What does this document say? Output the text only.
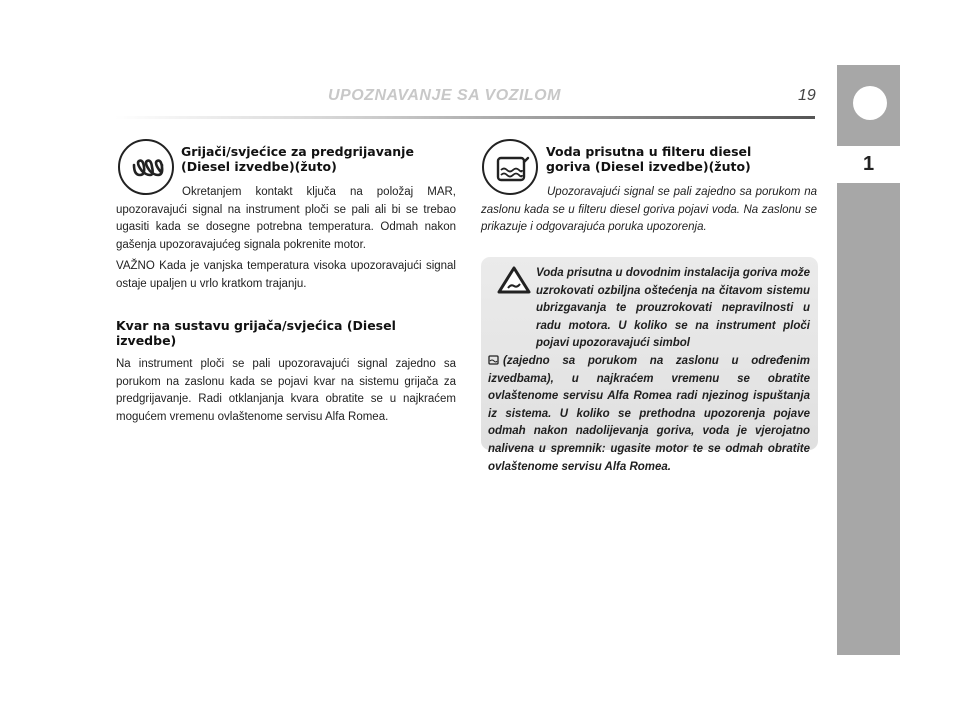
UPOZNAVANJE SA VOZILOM	19
1
Grijači/svjećice za predgrijavanje
(Diesel izvedbe)(žuto)

Okretanjem kontakt ključa na položaj MAR, upozoravajući signal na instrument ploči se pali ali bi se trebao ugasiti kada se dosegne potrebna temperatura. Odmah nakon gašenja upozoravajućeg signala pokrenite motor.

VAŽNO Kada je vanjska temperatura visoka upozoravajući signal ostaje upaljen u vrlo kratkom trajanju.

Kvar na sustavu grijača/svjećica (Diesel
izvedbe)

Na instrument ploči se pali upozoravajući signal zajedno sa porukom na zaslonu kada se pojavi kvar na sistemu grijača za predgrijavanje. Radi otklanjanja kvara obratite se u najkraćem mogućem vremenu ovlaštenome servisu Alfa Romea.

Voda prisutna u filteru diesel
goriva (Diesel izvedbe)(žuto)

Upozoravajući signal se pali zajedno sa porukom na zaslonu kada se u filteru diesel goriva pojavi voda. Na zaslonu se prikazuje i odgovarajuća poruka upozorenja.

Voda prisutna u dovodnim instalacija goriva može uzrokovati ozbiljna oštećenja na čitavom sistemu ubrizgavanja te prouzrokovati nepravilnosti u radu motora. U koliko se na instrument ploči pojavi upozoravajući simbol
(zajedno sa porukom na zaslonu u određenim izvedbama), u najkraćem vremenu se obratite ovlaštenome servisu Alfa Romea radi njezinog ispuštanja iz sistema. U koliko se prethodna upozorenja pojave odmah nakon nadolijevanja goriva, voda je vjerojatno nalivena u spremnik: ugasite motor te se odmah obratite ovlaštenome servisu Alfa Romea.
